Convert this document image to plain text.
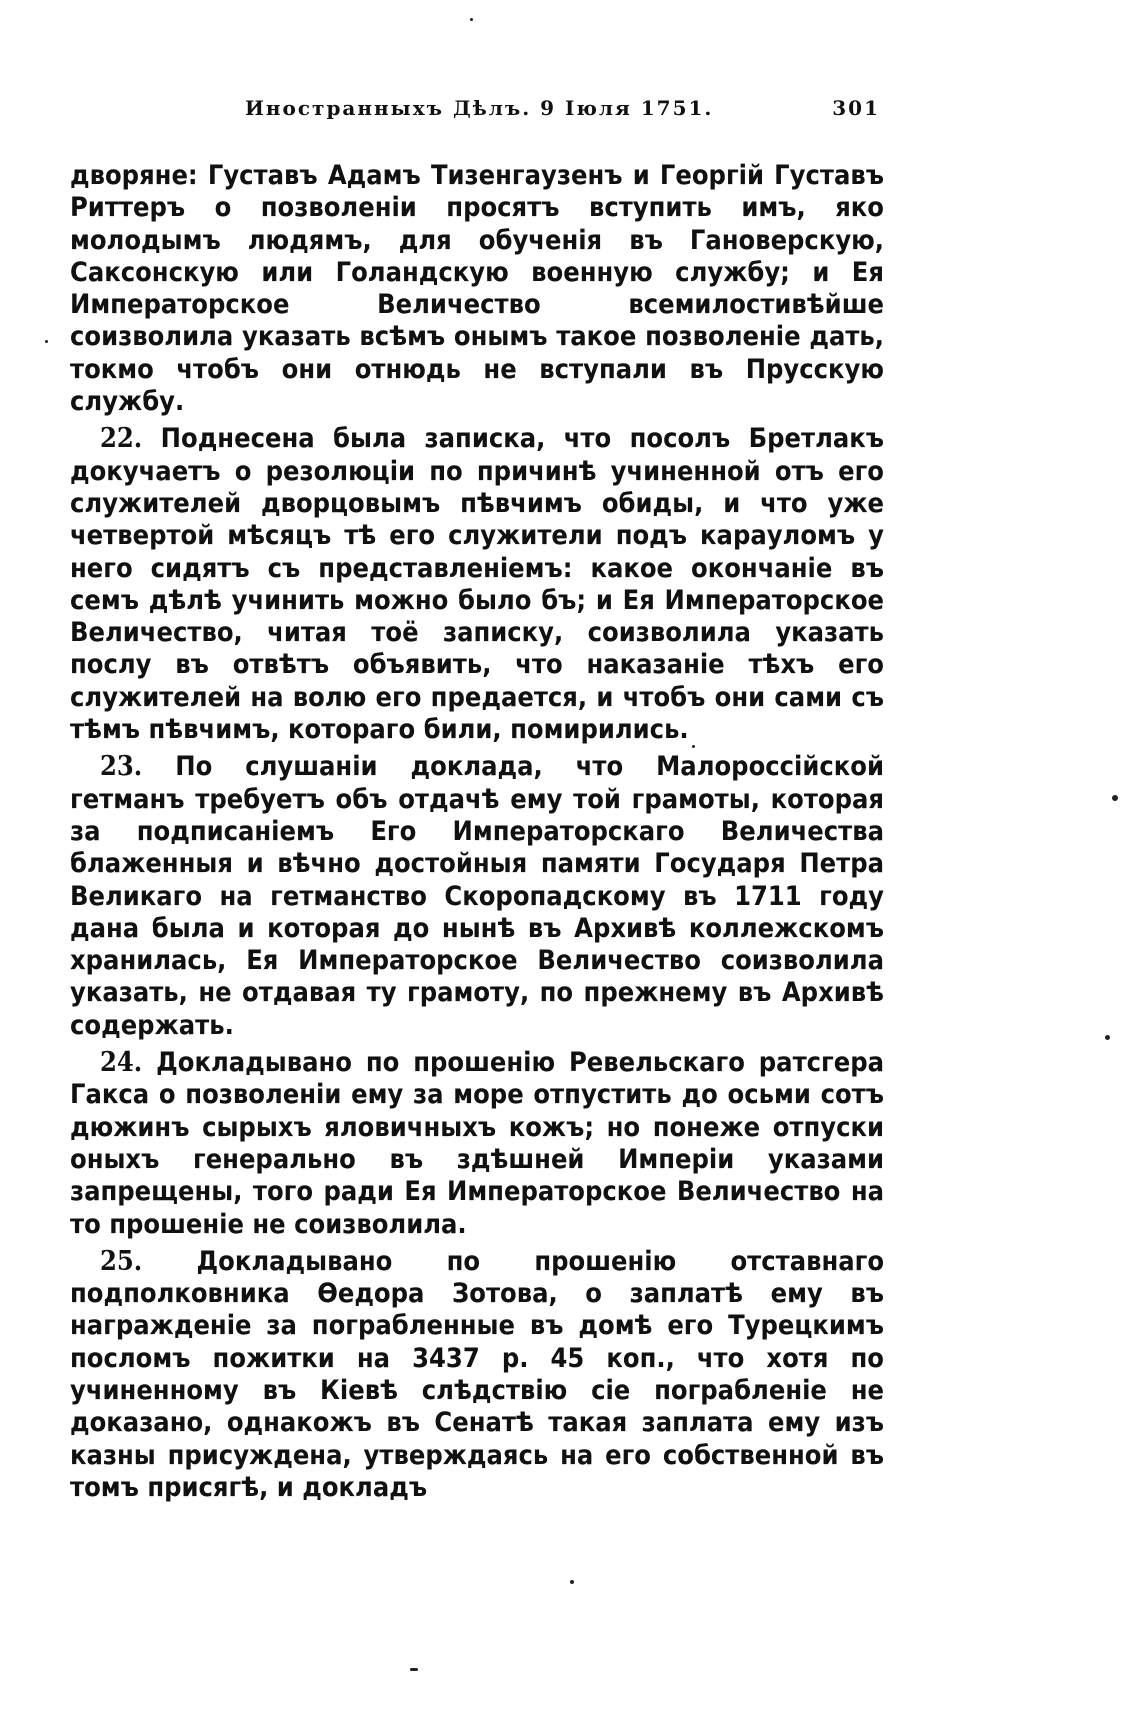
Иностранныхъ Дѣлъ. 9 Іюля 1751.	301

дворяне: Густавъ Адамъ Тизенгаузенъ и Георгій Густавъ Риттеръ о позволеніи просятъ вступить имъ, яко молодымъ людямъ, для обученія въ Гановерскую, Саксонскую или Голандскую военную службу; и Ея Императорское Величество всемилостивѣйше соизволила указать всѣмъ онымъ такое позволеніе дать, токмо чтобъ они отнюдь не вступали въ Прусскую службу.

22. Поднесена была записка, что посолъ Бретлакъ докучаетъ о резолюціи по причинѣ учиненной отъ его служителей дворцовымъ пѣвчимъ обиды, и что уже четвертой мѣсяцъ тѣ его служители подъ карауломъ у него сидятъ съ представленіемъ: какое окончаніе въ семъ дѣлѣ учинить можно было бъ; и Ея Императорское Величество, читая тоё записку, соизволила указать послу въ отвѣтъ объявить, что наказаніе тѣхъ его служителей на волю его предается, и чтобъ они сами съ тѣмъ пѣвчимъ, котораго били, помирились.

23. По слушаніи доклада, что Малороссійской гетманъ требуетъ объ отдачѣ ему той грамоты, которая за подписаніемъ Его Императорскаго Величества блаженныя и вѣчно достойныя памяти Государя Петра Великаго на гетманство Скоропадскому въ 1711 году дана была и которая до нынѣ въ Архивѣ коллежскомъ хранилась, Ея Императорское Величество соизволила указать, не отдавая ту грамоту, по прежнему въ Архивѣ содержать.

24. Докладывано по прошенію Ревельскаго ратсгера Гакса о позволеніи ему за море отпустить до осьми сотъ дюжинъ сырыхъ яловичныхъ кожъ; но понеже отпуски оныхъ генерально въ здѣшней Имперіи указами запрещены, того ради Ея Императорское Величество на то прошеніе не соизволила.

25. Докладывано по прошенію отставнаго подполковника Ѳедора Зотова, о заплатѣ ему въ награжденіе за пограбленные въ домѣ его Турецкимъ посломъ пожитки на 3437 р. 45 коп., что хотя по учиненному въ Кіевѣ слѣдствію сіе пограбленіе не доказано, однакожъ въ Сенатѣ такая заплата ему изъ казны присуждена, утверждаясь на его собственной въ томъ присягѣ, и докладъ
